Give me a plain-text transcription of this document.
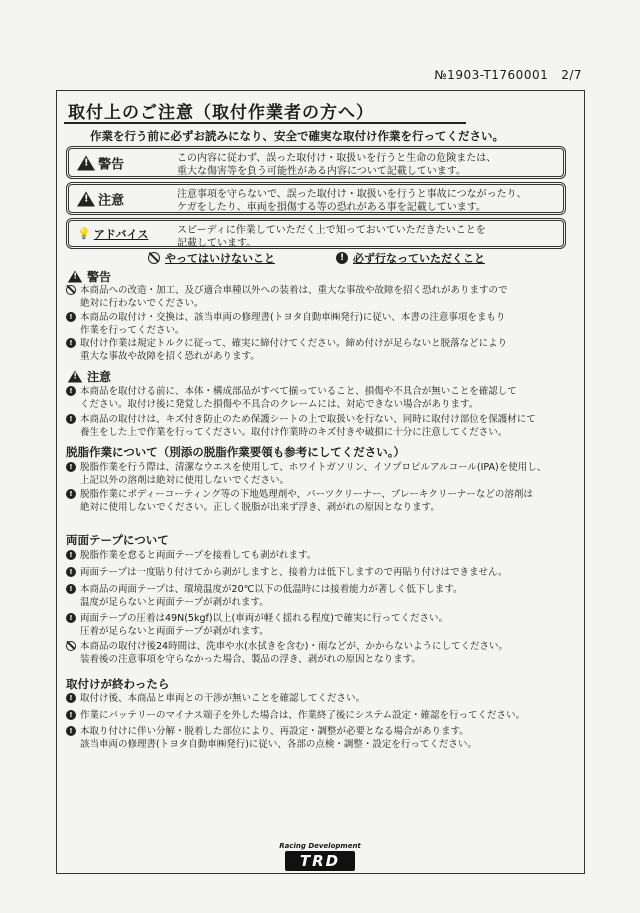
№1903-T1760001 2/7
取付上のご注意（取付作業者の方へ）
作業を行う前に必ずお読みになり、安全で確実な取付け作業を行ってください。
!
警告	この内容に従わず、誤った取付け・取扱いを行うと生命の危険または、
重大な傷害等を負う可能性がある内容について記載しています。
!
注意	注意事項を守らないで、誤った取付け・取扱いを行うと事故につながったり、
ケガをしたり、車両を損傷する等の恐れがある事を記載しています。
💡 アドバイス	スピーディに作業していただく上で知っておいていただきたいことを
記載しています。
やってはいけないこと	! 必ず行なっていただくこと
!
警告
本商品への改造・加工、及び適合車種以外への装着は、重大な事故や故障を招く恐れがありますので
絶対に行わないでください。
! 本商品の取付け・交換は、該当車両の修理書(トヨタ自動車㈱発行)に従い、本書の注意事項をまもり
作業を行ってください。
! 取付け作業は規定トルクに従って、確実に締付けてください。締め付けが足らないと脱落などにより
重大な事故や故障を招く恐れがあります。
!
注意
! 本商品を取付ける前に、本体・構成部品がすべて揃っていること、損傷や不具合が無いことを確認して
ください。取付け後に発覚した損傷や不具合のクレームには、対応できない場合があります。
! 本商品の取付けは、キズ付き防止のため保護シートの上で取扱いを行ない、同時に取付け部位を保護材にて
養生をした上で作業を行ってください。取付け作業時のキズ付きや破損に十分に注意してください。
脱脂作業について（別添の脱脂作業要領も参考にしてください。）
! 脱脂作業を行う際は、清潔なウエスを使用して、ホワイトガソリン、イソプロピルアルコール(IPA)を使用し、
上記以外の溶剤は絶対に使用しないでください。
! 脱脂作業にボディーコーティング等の下地処理剤や、パーツクリーナー、ブレーキクリーナーなどの溶剤は
絶対に使用しないでください。正しく脱脂が出来ず浮き、剥がれの原因となります。
両面テープについて
! 脱脂作業を怠ると両面テープを接着しても剥がれます。
! 両面テープは一度貼り付けてから剥がしますと、接着力は低下しますので再貼り付けはできません。
! 本商品の両面テープは、環境温度が20℃以下の低温時には接着能力が著しく低下します。
温度が足らないと両面テープが剥がれます。
! 両面テープの圧着は49N(5kgf)以上(車両が軽く揺れる程度)で確実に行ってください。
圧着が足らないと両面テープが剥がれます。
本商品の取付け後24時間は、洗車や水(水拭きを含む)・雨などが、かからないようにしてください。
装着後の注意事項を守らなかった場合、製品の浮き、剥がれの原因となります。
取付けが終わったら
! 取付け後、本商品と車両との干渉が無いことを確認してください。
! 作業にバッテリーのマイナス端子を外した場合は、作業終了後にシステム設定・確認を行ってください。
! 本取り付けに伴い分解・脱着した部位により、再設定・調整が必要となる場合があります。
該当車両の修理書(トヨタ自動車㈱発行)に従い、各部の点検・調整・設定を行ってください。
Racing Development
TRD
